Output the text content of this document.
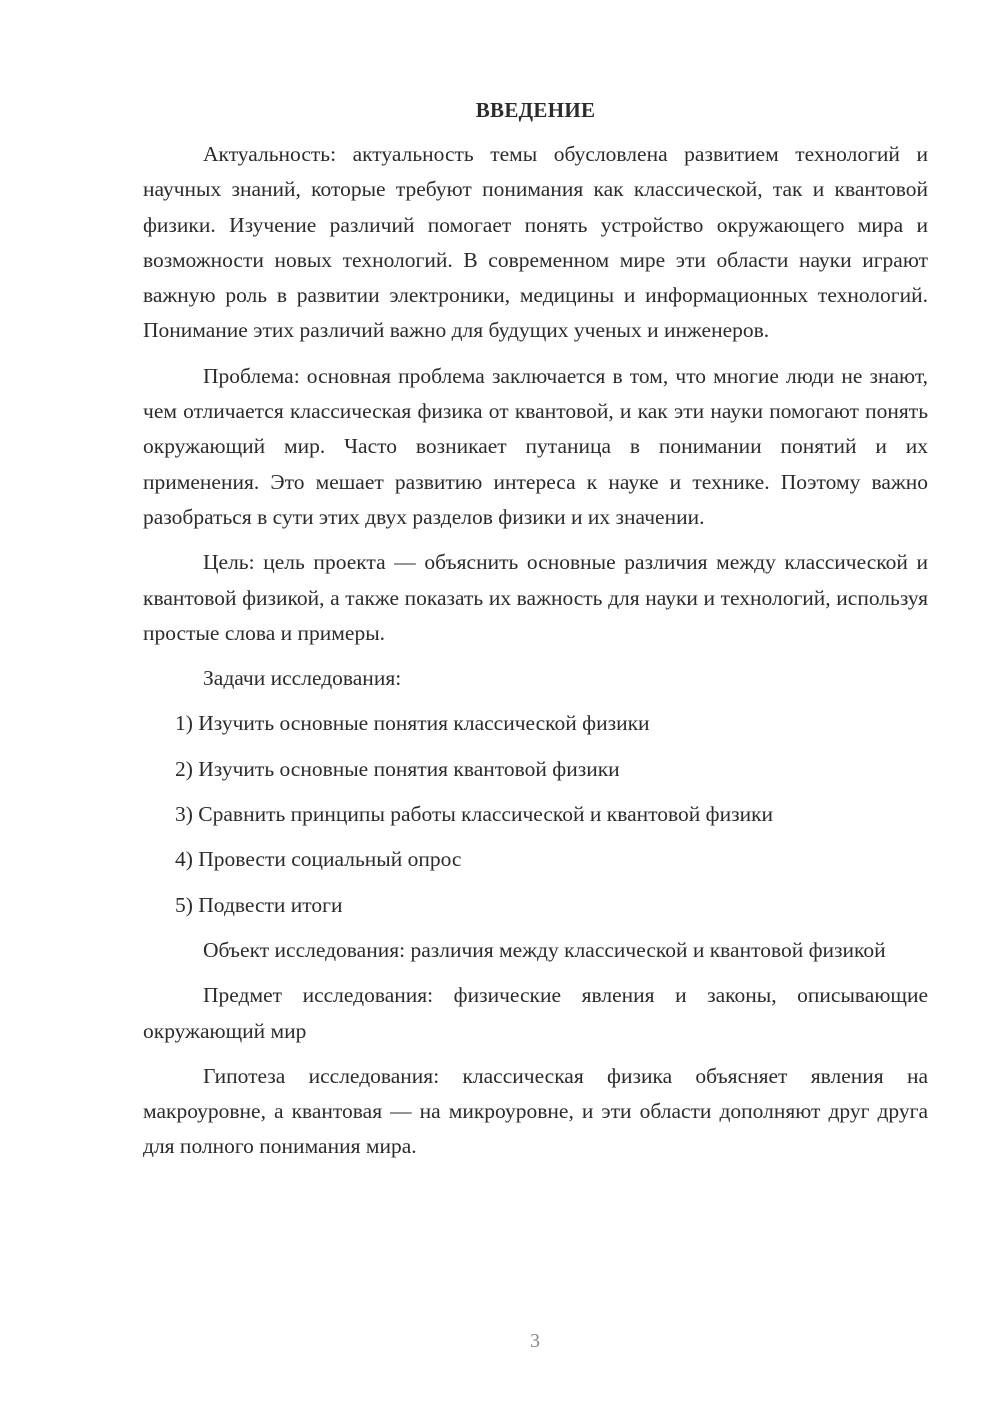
ВВЕДЕНИЕ

Актуальность: актуальность темы обусловлена развитием технологий и научных знаний, которые требуют понимания как классической, так и квантовой физики. Изучение различий помогает понять устройство окружающего мира и возможности новых технологий. В современном мире эти области науки играют важную роль в развитии электроники, медицины и информационных технологий. Понимание этих различий важно для будущих ученых и инженеров.

Проблема: основная проблема заключается в том, что многие люди не знают, чем отличается классическая физика от квантовой, и как эти науки помогают понять окружающий мир. Часто возникает путаница в понимании понятий и их применения. Это мешает развитию интереса к науке и технике. Поэтому важно разобраться в сути этих двух разделов физики и их значении.

Цель: цель проекта — объяснить основные различия между классической и квантовой физикой, а также показать их важность для науки и технологий, используя простые слова и примеры.

Задачи исследования:

1) Изучить основные понятия классической физики

2) Изучить основные понятия квантовой физики

3) Сравнить принципы работы классической и квантовой физики

4) Провести социальный опрос

5) Подвести итоги

Объект исследования: различия между классической и квантовой физикой

Предмет исследования: физические явления и законы, описывающие окружающий мир

Гипотеза исследования: классическая физика объясняет явления на макроуровне, а квантовая — на микроуровне, и эти области дополняют друг друга для полного понимания мира.

3
